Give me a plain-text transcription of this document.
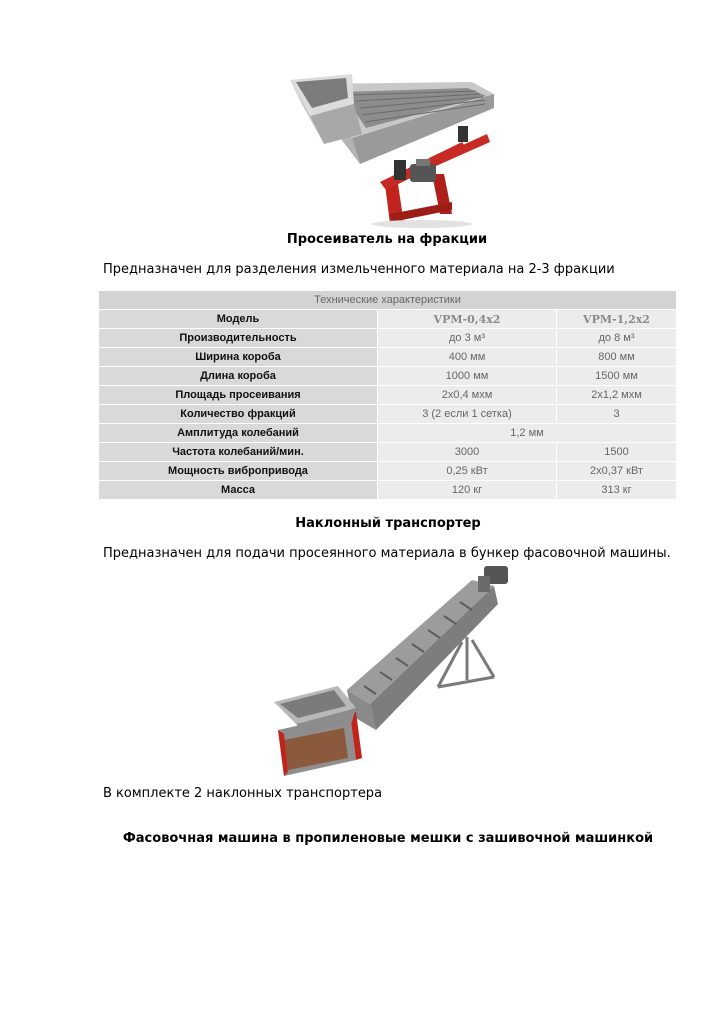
Просеиватель на фракции
Предназначен для разделения измельченного материала на 2-3 фракции
Технические характеристики		
Модель	VPM-0,4x2	VPM-1,2x2
Производительность	до 3 м³	до 8 м³
Ширина короба	400 мм	800 мм
Длина короба	1000 мм	1500 мм
Площадь просеивания	2х0,4 мхм	2х1,2 мхм
Количество фракций	3 (2 если 1 сетка)	3
Амплитуда колебаний	1,2 мм	
Частота колебаний/мин.	3000	1500
Мощность вибропривода	0,25 кВт	2х0,37 кВт
Масса	120 кг	313 кг
Наклонный транспортер
Предназначен для подачи просеянного материала в бункер фасовочной машины.
В комплекте 2 наклонных транспортера
Фасовочная машина в пропиленовые мешки с зашивочной машинкой
